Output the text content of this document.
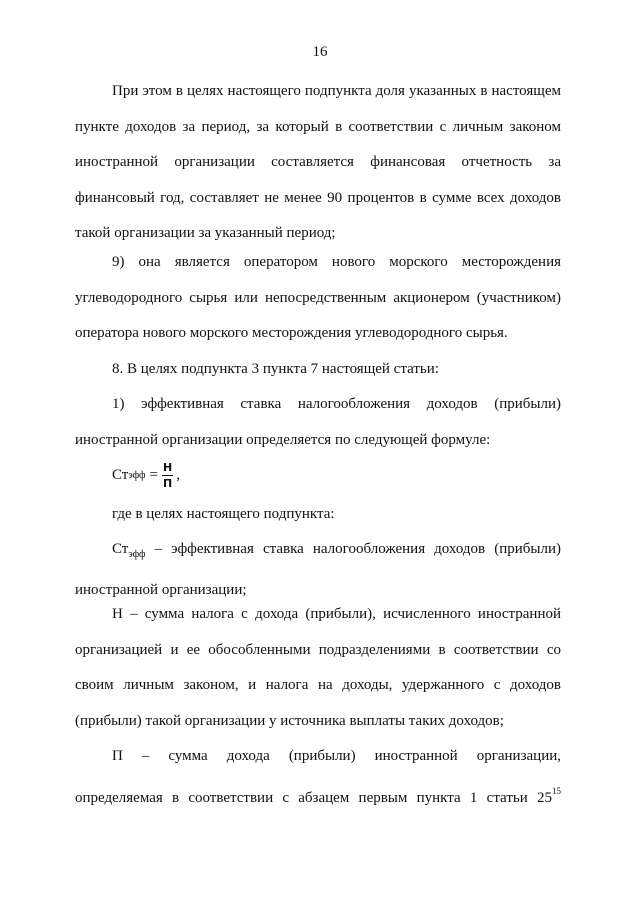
16

При этом в целях настоящего подпункта доля указанных в настоящем пункте доходов за период, за который в соответствии с личным законом иностранной организации составляется финансовая отчетность за финансовый год, составляет не менее 90 процентов в сумме всех доходов такой организации за указанный период;

9) она является оператором нового морского месторождения углеводородного сырья или непосредственным акционером (участником) оператора нового морского месторождения углеводородного сырья.

8. В целях подпункта 3 пункта 7 настоящей статьи:

1) эффективная ставка налогообложения доходов (прибыли) иностранной организации определяется по следующей формуле:

Ст эфф = $\frac{Н}{П}$ ,

где в целях настоящего подпункта:

$Ст_{эфф}$ – эффективная ставка налогообложения доходов (прибыли) иностранной организации;

Н – сумма налога с дохода (прибыли), исчисленного иностранной организацией и ее обособленными подразделениями в соответствии со своим личным законом, и налога на доходы, удержанного с доходов (прибыли) такой организации у источника выплаты таких доходов;

П – сумма дохода (прибыли) иностранной организации,

определяемая в соответствии с абзацем первым пункта 1 статьи $25^{15}$
